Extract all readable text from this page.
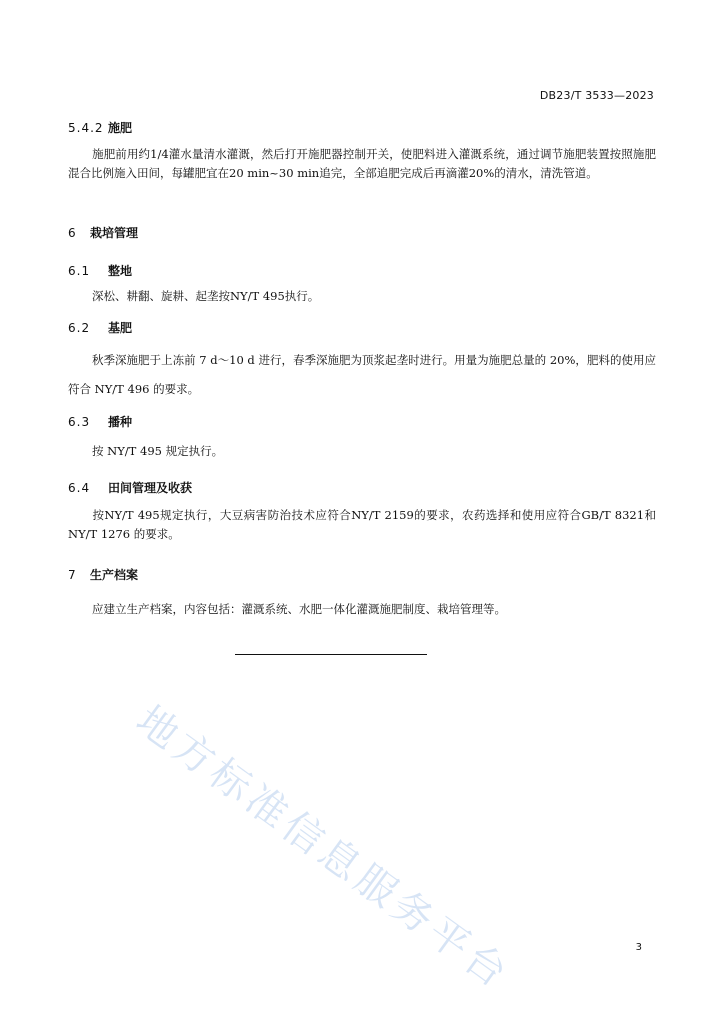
DB23/T 3533—2023
5.4.2 施肥
施肥前用约1/4灌水量清水灌溉，然后打开施肥器控制开关，使肥料进入灌溉系统，通过调节施肥装置按照施肥混合比例施入田间，每罐肥宜在20 min~30 min追完，全部追肥完成后再滴灌20%的清水，清洗管道。
6 栽培管理
6.1 整地
深松、耕翻、旋耕、起垄按NY/T 495执行。
6.2 基肥
秋季深施肥于上冻前 7 d～10 d 进行，春季深施肥为顶浆起垄时进行。用量为施肥总量的 20%，肥料的使用应符合 NY/T 496 的要求。
6.3 播种
按 NY/T 495 规定执行。
6.4 田间管理及收获
按NY/T 495规定执行，大豆病害防治技术应符合NY/T 2159的要求，农药选择和使用应符合GB/T 8321和NY/T 1276 的要求。
7 生产档案
应建立生产档案，内容包括：灌溉系统、水肥一体化灌溉施肥制度、栽培管理等。
地方标准信息服务平台	3
